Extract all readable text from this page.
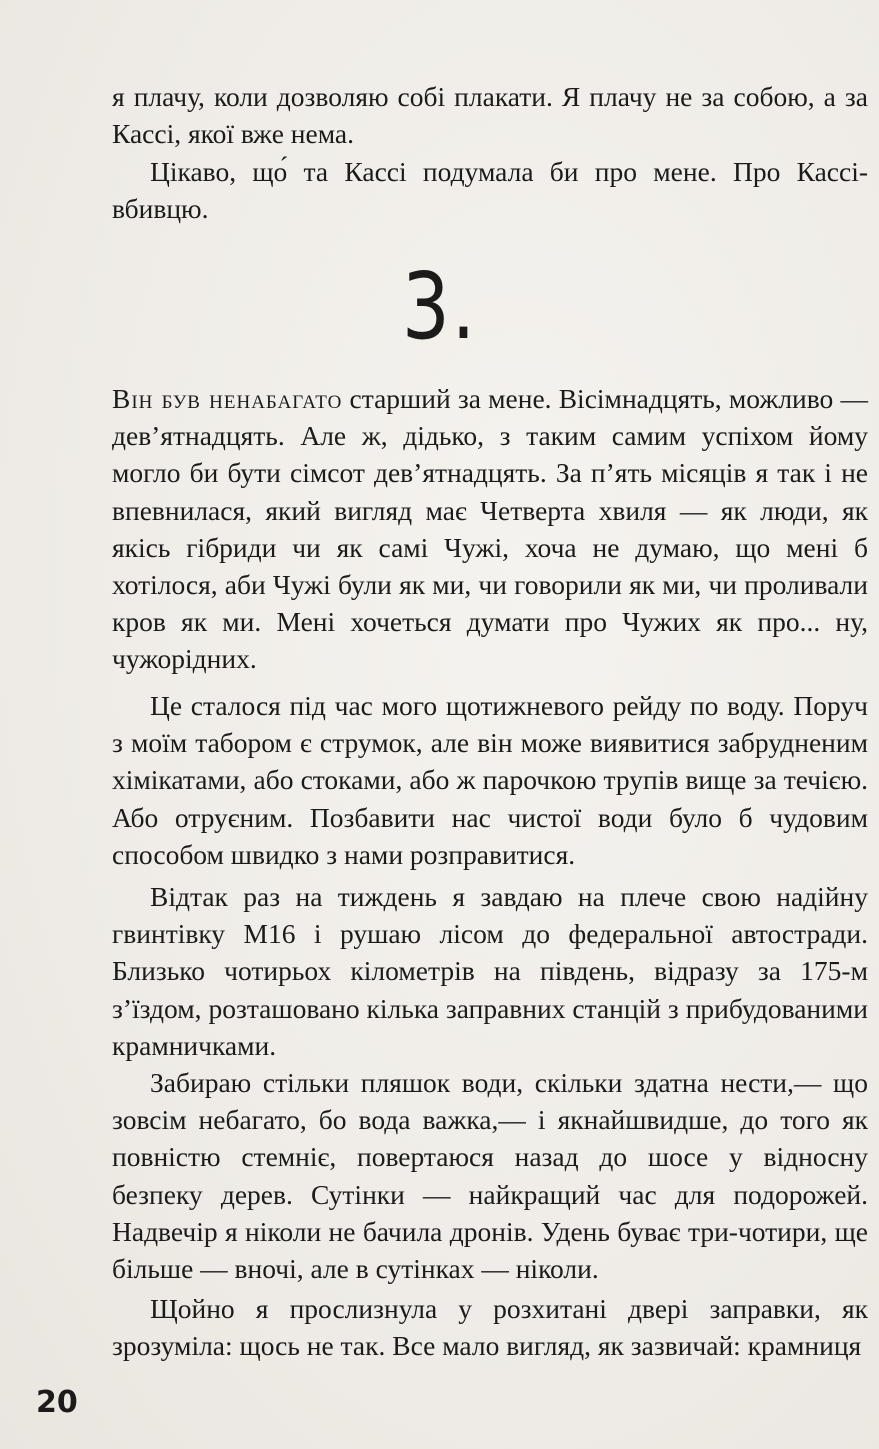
я плачу, коли дозволяю собі плакати. Я плачу не за собою, а за Кассі, якої вже нема.

Цікаво, що́ та Кассі подумала би про мене. Про Кассі-вбивцю.

3.

Він був ненабагато старший за мене. Вісімнадцять, можливо — дев’ятнадцять. Але ж, дідько, з таким самим успіхом йому могло би бути сімсот дев’ятнадцять. За п’ять місяців я так і не впевнилася, який вигляд має Четверта хвиля — як люди, як якісь гібриди чи як самі Чужі, хоча не думаю, що мені б хотілося, аби Чужі були як ми, чи говорили як ми, чи проливали кров як ми. Мені хочеться думати про Чужих як про... ну, чужорідних.

Це сталося під час мого щотижневого рейду по воду. Поруч з моїм табором є струмок, але він може виявитися забрудненим хімікатами, або стоками, або ж парочкою трупів вище за течією. Або отруєним. Позбавити нас чистої води було б чудовим способом швидко з нами розправитися.

Відтак раз на тиждень я завдаю на плече свою надійну гвинтівку М16 і рушаю лісом до федеральної автостради. Близько чотирьох кілометрів на південь, відразу за 175-м з’їздом, розташовано кілька заправних станцій з прибудованими крамничками.

Забираю стільки пляшок води, скільки здатна нести,— що зовсім небагато, бо вода важка,— і якнайшвидше, до того як повністю стемніє, повертаюся назад до шосе у відносну безпеку дерев. Сутінки — найкращий час для подорожей. Надвечір я ніколи не бачила дронів. Удень буває три-чотири, ще більше — вночі, але в сутінках — ніколи.

Щойно я прослизнула у розхитані двері заправки, як зрозуміла: щось не так. Все мало вигляд, як зазвичай: крамниця

20
